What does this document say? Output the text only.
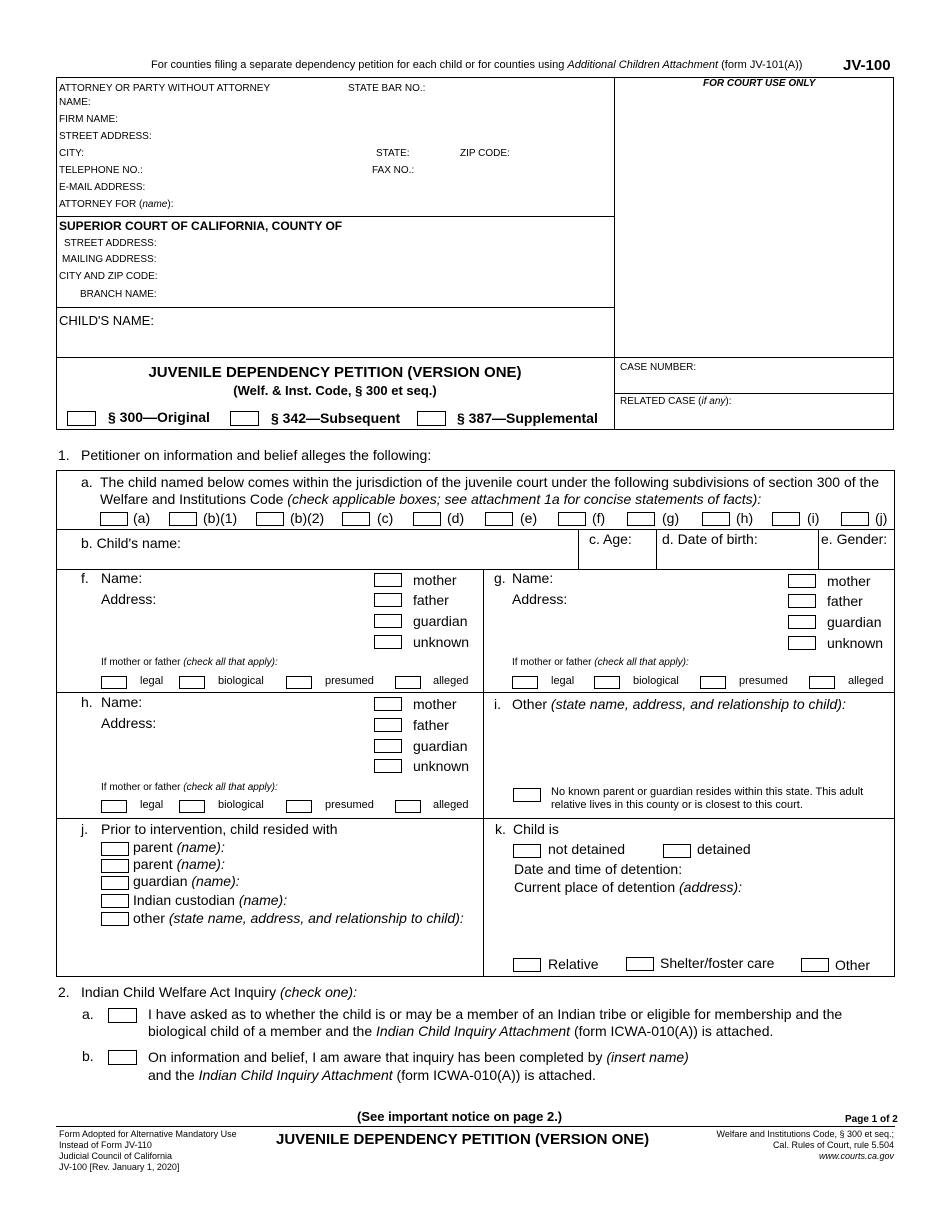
For counties filing a separate dependency petition for each child or for counties using Additional Children Attachment (form JV-101(A))	JV-100
ATTORNEY OR PARTY WITHOUT ATTORNEY	STATE BAR NO.:
NAME:
FIRM NAME:
STREET ADDRESS:
CITY:	STATE:	ZIP CODE:
TELEPHONE NO.:	FAX NO.:
E-MAIL ADDRESS:
ATTORNEY FOR (name):
FOR COURT USE ONLY
SUPERIOR COURT OF CALIFORNIA, COUNTY OF
STREET ADDRESS:
MAILING ADDRESS:
CITY AND ZIP CODE:
BRANCH NAME:
CHILD'S NAME:
JUVENILE DEPENDENCY PETITION (VERSION ONE)
(Welf. & Inst. Code, § 300 et seq.)
§ 300—Original	§ 342—Subsequent	§ 387—Supplemental
CASE NUMBER:
RELATED CASE (if any):
1. Petitioner on information and belief alleges the following:
a. The child named below comes within the jurisdiction of the juvenile court under the following subdivisions of section 300 of the
Welfare and Institutions Code (check applicable boxes; see attachment 1a for concise statements of facts):
(a)	(b)(1)	(b)(2)	(c)	(d)	(e)	(f)	(g)	(h)	(i)	(j)
b. Child's name:	c. Age: d. Date of birth:	e. Gender:
f. Name:
Address:
mother
father
guardian
unknown
If mother or father (check all that apply):
legal	biological	presumed	alleged
g. Name:
Address:
mother
father
guardian
unknown
If mother or father (check all that apply):
legal	biological	presumed	alleged
h. Name:
Address:
mother
father
guardian
unknown
If mother or father (check all that apply):
legal	biological	presumed	alleged
i. Other (state name, address, and relationship to child):
No known parent or guardian resides within this state. This adult
relative lives in this county or is closest to this court.
j. Prior to intervention, child resided with
parent (name):
parent (name):
guardian (name):
Indian custodian (name):
other (state name, address, and relationship to child):
k. Child is
not detained	detained
Date and time of detention:
Current place of detention (address):
Relative	Shelter/foster care	Other
2. Indian Child Welfare Act Inquiry (check one):
a.	I have asked as to whether the child is or may be a member of an Indian tribe or eligible for membership and the
biological child of a member and the Indian Child Inquiry Attachment (form ICWA-010(A)) is attached.
b.	On information and belief, I am aware that inquiry has been completed by (insert name)
and the Indian Child Inquiry Attachment (form ICWA-010(A)) is attached.
(See important notice on page 2.)	Page 1 of 2
Form Adopted for Alternative Mandatory Use
Instead of Form JV-110
Judicial Council of California
JV-100 [Rev. January 1, 2020]
JUVENILE DEPENDENCY PETITION (VERSION ONE)	Welfare and Institutions Code, § 300 et seq.;
Cal. Rules of Court, rule 5.504
www.courts.ca.gov
